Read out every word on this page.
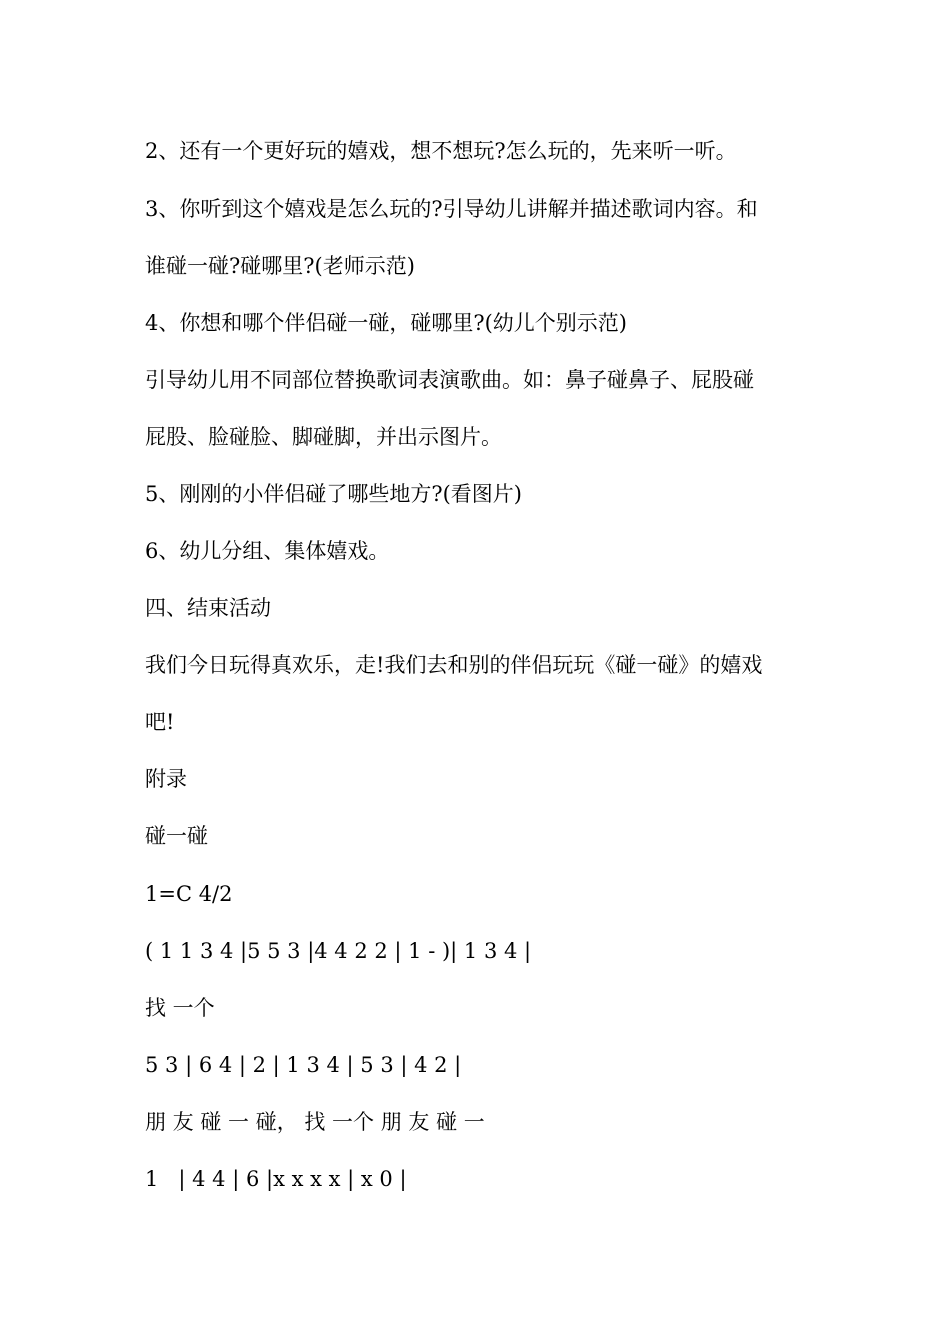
2、还有一个更好玩的嬉戏，想不想玩?怎么玩的，先来听一听。
3、你听到这个嬉戏是怎么玩的?引导幼儿讲解并描述歌词内容。和
谁碰一碰?碰哪里?(老师示范)
4、你想和哪个伴侣碰一碰，碰哪里?(幼儿个别示范)
引导幼儿用不同部位替换歌词表演歌曲。如：鼻子碰鼻子、屁股碰
屁股、脸碰脸、脚碰脚，并出示图片。
5、刚刚的小伴侣碰了哪些地方?(看图片)
6、幼儿分组、集体嬉戏。
四、结束活动
我们今日玩得真欢乐，走!我们去和别的伴侣玩玩《碰一碰》的嬉戏
吧!
附录
碰一碰
1=C 4/2
( 1 1 3 4 |5 5 3 |4 4 2 2 | 1 - )| 1 3 4 |
找 一个
5 3 | 6 4 | 2 | 1 3 4 | 5 3 | 4 2 |
朋 友 碰 一 碰， 找 一个 朋 友 碰 一
1   | 4 4 | 6 |x x x x | x 0 |
